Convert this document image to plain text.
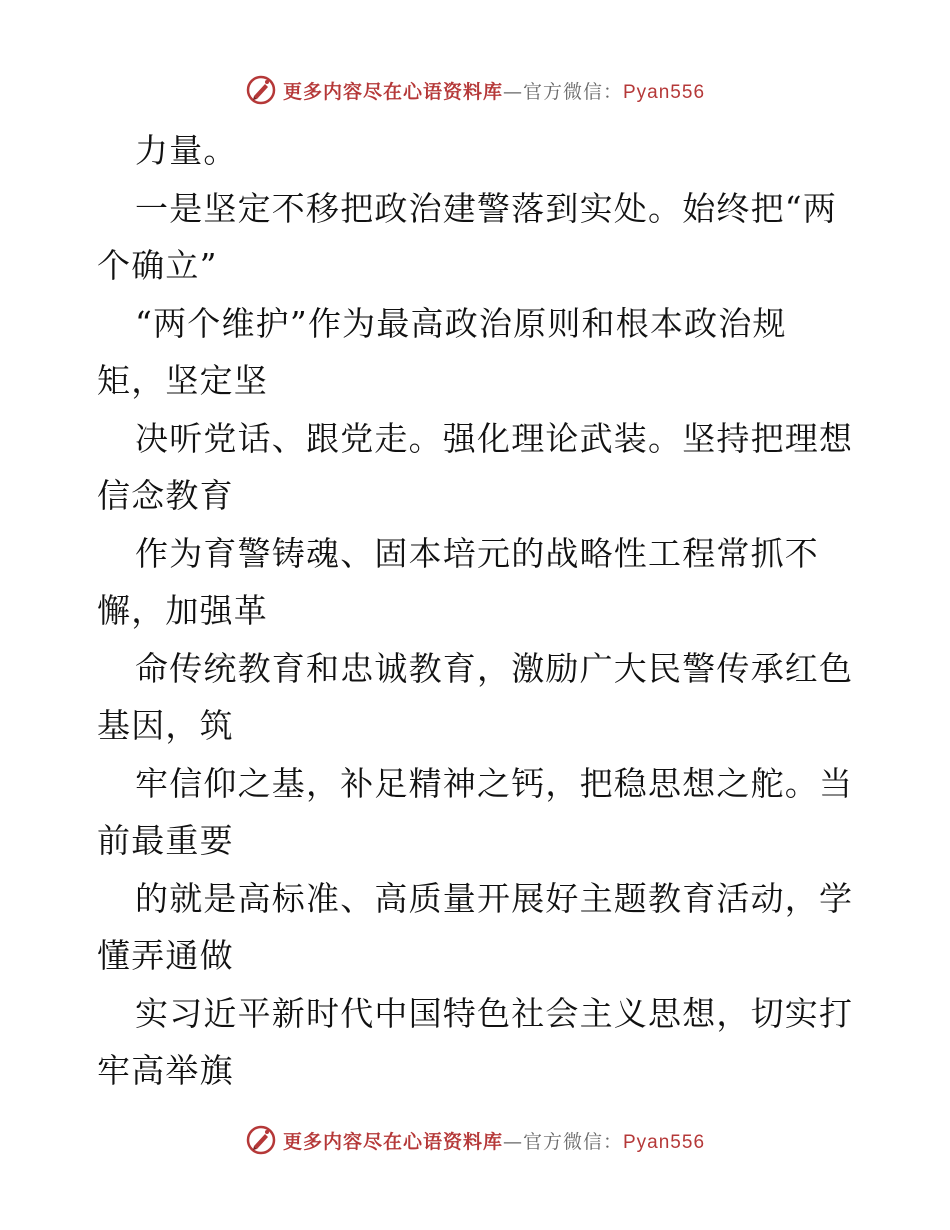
更多内容尽在心语资料库—官方微信：Pyan556
力量。
一是坚定不移把政治建警落到实处。始终把“两
个确立”
“两个维护”作为最高政治原则和根本政治规
矩，坚定坚
决听党话、跟党走。强化理论武装。坚持把理想
信念教育
作为育警铸魂、固本培元的战略性工程常抓不
懈，加强革
命传统教育和忠诚教育，激励广大民警传承红色
基因，筑
牢信仰之基，补足精神之钙，把稳思想之舵。当
前最重要
的就是高标准、高质量开展好主题教育活动，学
懂弄通做
实习近平新时代中国特色社会主义思想，切实打
牢高举旗
更多内容尽在心语资料库—官方微信：Pyan556
